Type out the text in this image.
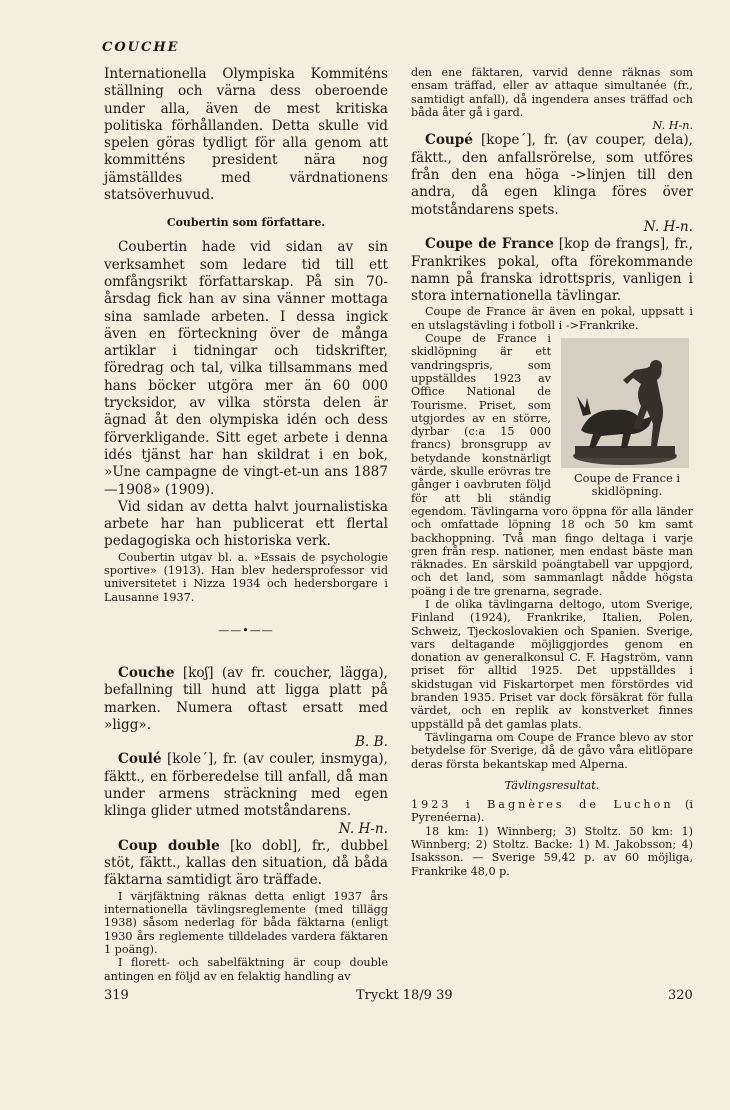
COUCHE

Internationella Olympiska Kommiténs ställning och värna dess oberoende under alla, även de mest kritiska politiska förhållanden. Detta skulle vid spelen göras tydligt för alla genom att kommitténs president nära nog jämställdes med värdnationens statsöverhuvud.

Coubertin som författare.

Coubertin hade vid sidan av sin verksamhet som ledare tid till ett omfångsrikt författarskap. På sin 70-årsdag fick han av sina vänner mottaga sina samlade arbeten. I dessa ingick även en förteckning över de många artiklar i tidningar och tidskrifter, föredrag och tal, vilka tillsammans med hans böcker utgöra mer än 60 000 trycksidor, av vilka största delen är ägnad åt den olympiska idén och dess förverkligande. Sitt eget arbete i denna idés tjänst har han skildrat i en bok, »Une campagne de vingt-et-un ans 1887—1908» (1909).

Vid sidan av detta halvt journalistiska arbete har han publicerat ett flertal pedagogiska och historiska verk.

Coubertin utgav bl. a. »Essais de psychologie sportive» (1913). Han blev hedersprofessor vid universitetet i Nizza 1934 och hedersborgare i Lausanne 1937.

——•——

Couche [koʃ] (av fr. coucher, lägga), befallning till hund att ligga platt på marken. Numera oftast ersatt med »ligg».

B. B.

Coulé [kole´], fr. (av couler, insmyga), fäktt., en förberedelse till anfall, då man under armens sträckning med egen klinga glider utmed motståndarens.

N. H-n.

Coup double [ko dobl], fr., dubbel stöt, fäktt., kallas den situation, då båda fäktarna samtidigt äro träffade.

I värjfäktning räknas detta enligt 1937 års internationella tävlingsreglemente (med tillägg 1938) såsom nederlag för båda fäktarna (enligt 1930 års reglemente tilldelades vardera fäktaren 1 poäng).

I florett- och sabelfäktning är coup double antingen en följd av en felaktig handling av

den ene fäktaren, varvid denne räknas som ensam träffad, eller av attaque simultanée (fr., samtidigt anfall), då ingendera anses träffad och båda åter gå i gard.

N. H-n.

Coupé [kope´], fr. (av couper, dela), fäktt., den anfallsrörelse, som utföres från den ena höga ->linjen till den andra, då egen klinga föres över motståndarens spets.

N. H-n.

Coupe de France [kop də frangs], fr., Frankrikes pokal, ofta förekommande namn på franska idrottspris, vanligen i stora internationella tävlingar.

Coupe de France är även en pokal, uppsatt i en utslagstävling i fotboll i ->Frankrike.

Coupe de France i skidlöpning.

Coupe de France i skidlöpning är ett vandringspris, som uppställdes 1923 av Office National de Tourisme. Priset, som utgjordes av en större, dyrbar (c:a 15 000 francs) bronsgrupp av betydande konstnärligt värde, skulle erövras tre gånger i oavbruten följd för att bli ständig egendom. Tävlingarna voro öppna för alla länder och omfattade löpning 18 och 50 km samt backhoppning. Två man fingo deltaga i varje gren från resp. nationer, men endast bäste man räknades. En särskild poängtabell var uppgjord, och det land, som sammanlagt nådde högsta poäng i de tre grenarna, segrade.

I de olika tävlingarna deltogo, utom Sverige, Finland (1924), Frankrike, Italien, Polen, Schweiz, Tjeckoslovakien och Spanien. Sverige, vars deltagande möjliggjordes genom en donation av generalkonsul C. F. Hagström, vann priset för alltid 1925. Det uppställdes i skidstugan vid Fiskartorpet men förstördes vid branden 1935. Priset var dock försäkrat för fulla värdet, och en replik av konstverket finnes uppställd på det gamlas plats.

Tävlingarna om Coupe de France blevo av stor betydelse för Sverige, då de gåvo våra elitlöpare deras första bekantskap med Alperna.

Tävlingsresultat.

1923 i Bagnères de Luchon (i Pyrenéerna).

18 km: 1) Winnberg; 3) Stoltz. 50 km: 1) Winnberg; 2) Stoltz. Backe: 1) M. Jakobsson; 4) Isaksson. — Sverige 59,42 p. av 60 möjliga, Frankrike 48,0 p.

319	Tryckt 18/9 39	320
